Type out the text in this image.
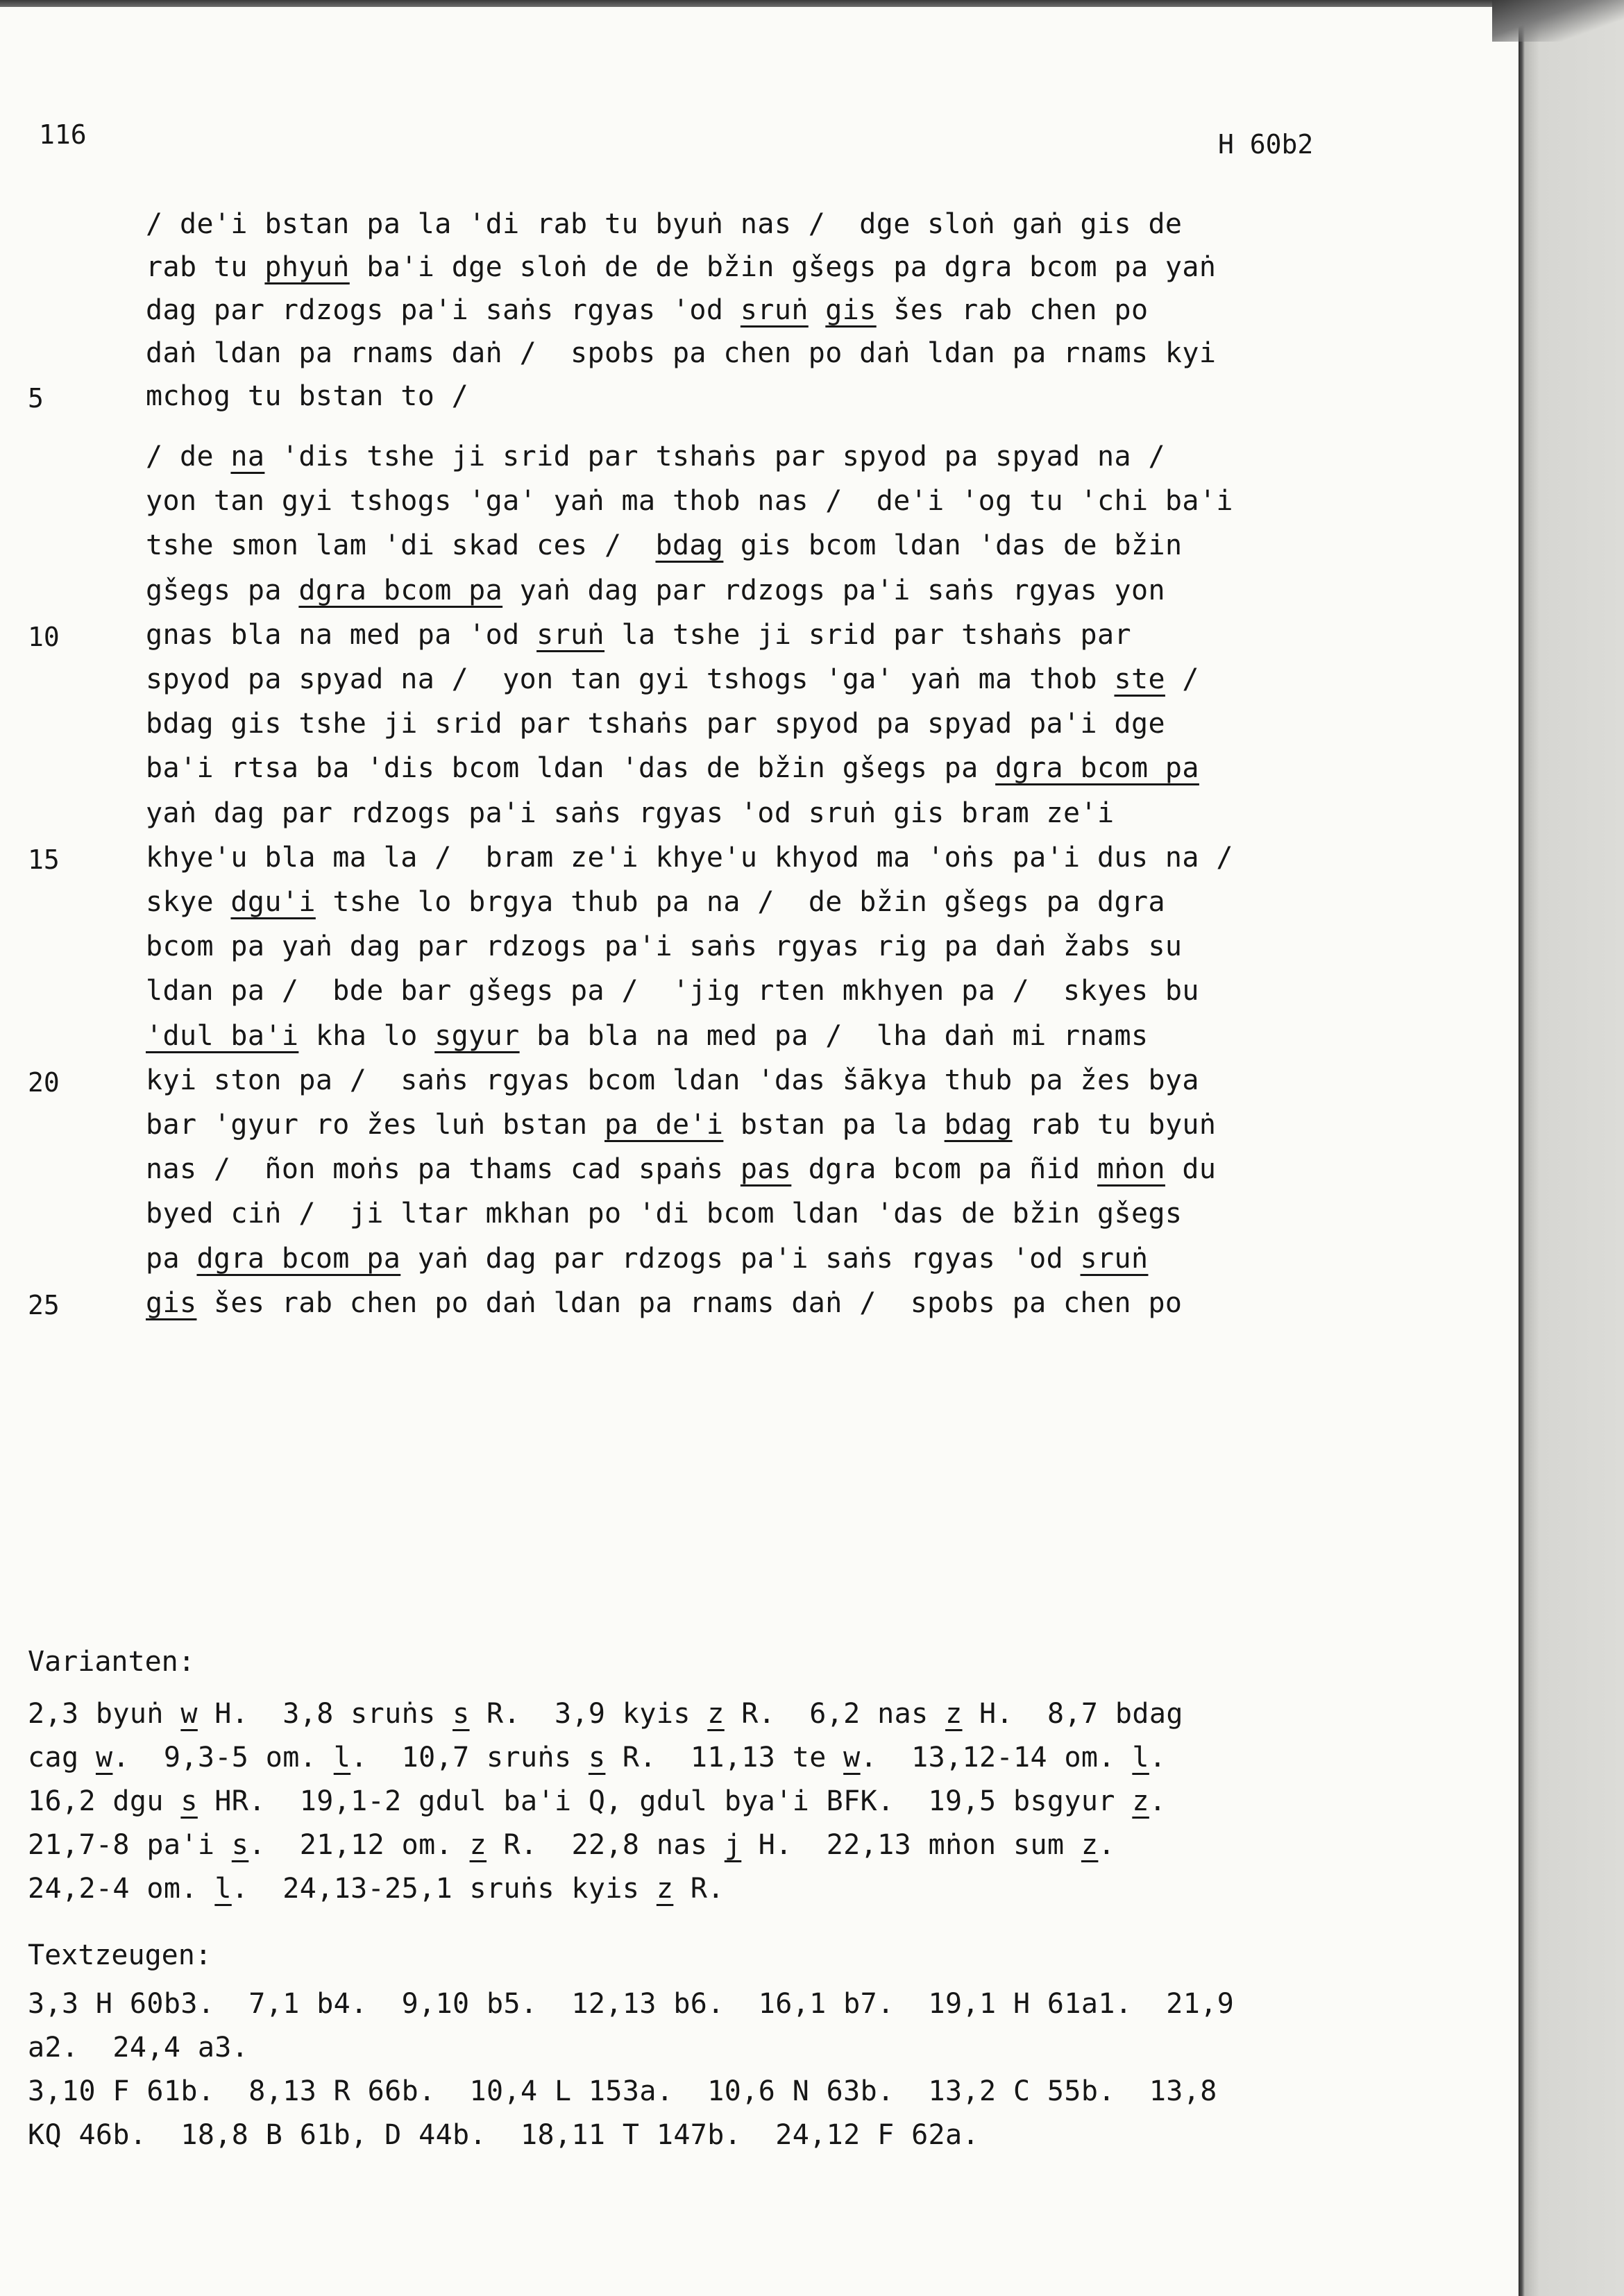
116	H 60b2
/ de'i bstan pa la 'di rab tu byuṅ nas /  dge sloṅ gaṅ gis de
rab tu phyuṅ ba'i dge sloṅ de de bžin gšegs pa dgra bcom pa yaṅ
dag par rdzogs pa'i saṅs rgyas 'od sruṅ gis šes rab chen po
daṅ ldan pa rnams daṅ /  spobs pa chen po daṅ ldan pa rnams kyi
mchog tu bstan to /
5
/ de na 'dis tshe ji srid par tshaṅs par spyod pa spyad na /
yon tan gyi tshogs 'ga' yaṅ ma thob nas /  de'i 'og tu 'chi ba'i
tshe smon lam 'di skad ces /  bdag gis bcom ldan 'das de bžin
gšegs pa dgra bcom pa yaṅ dag par rdzogs pa'i saṅs rgyas yon
gnas bla na med pa 'od sruṅ la tshe ji srid par tshaṅs par
10
spyod pa spyad na /  yon tan gyi tshogs 'ga' yaṅ ma thob ste /
bdag gis tshe ji srid par tshaṅs par spyod pa spyad pa'i dge
ba'i rtsa ba 'dis bcom ldan 'das de bžin gšegs pa dgra bcom pa
yaṅ dag par rdzogs pa'i saṅs rgyas 'od sruṅ gis bram ze'i
khye'u bla ma la /  bram ze'i khye'u khyod ma 'oṅs pa'i dus na /
15
skye dgu'i tshe lo brgya thub pa na /  de bžin gšegs pa dgra
bcom pa yaṅ dag par rdzogs pa'i saṅs rgyas rig pa daṅ žabs su
ldan pa /  bde bar gšegs pa /  'jig rten mkhyen pa /  skyes bu
'dul ba'i kha lo sgyur ba bla na med pa /  lha daṅ mi rnams
kyi ston pa /  saṅs rgyas bcom ldan 'das šākya thub pa žes bya
20
bar 'gyur ro žes luṅ bstan pa de'i bstan pa la bdag rab tu byuṅ
nas /  ñon moṅs pa thams cad spaṅs pas dgra bcom pa ñid mṅon du
byed ciṅ /  ji ltar mkhan po 'di bcom ldan 'das de bžin gšegs
pa dgra bcom pa yaṅ dag par rdzogs pa'i saṅs rgyas 'od sruṅ
gis šes rab chen po daṅ ldan pa rnams daṅ /  spobs pa chen po
25
Varianten:
2,3 byuṅ w H.  3,8 sruṅs s R.  3,9 kyis z R.  6,2 nas z H.  8,7 bdag
cag w.  9,3-5 om. l.  10,7 sruṅs s R.  11,13 te w.  13,12-14 om. l.
16,2 dgu s HR.  19,1-2 gdul ba'i Q, gdul bya'i BFK.  19,5 bsgyur z.
21,7-8 pa'i s.  21,12 om. z R.  22,8 nas j H.  22,13 mṅon sum z.
24,2-4 om. l.  24,13-25,1 sruṅs kyis z R.
Textzeugen:
3,3 H 60b3.  7,1 b4.  9,10 b5.  12,13 b6.  16,1 b7.  19,1 H 61a1.  21,9
a2.  24,4 a3.
3,10 F 61b.  8,13 R 66b.  10,4 L 153a.  10,6 N 63b.  13,2 C 55b.  13,8
KQ 46b.  18,8 B 61b, D 44b.  18,11 T 147b.  24,12 F 62a.
